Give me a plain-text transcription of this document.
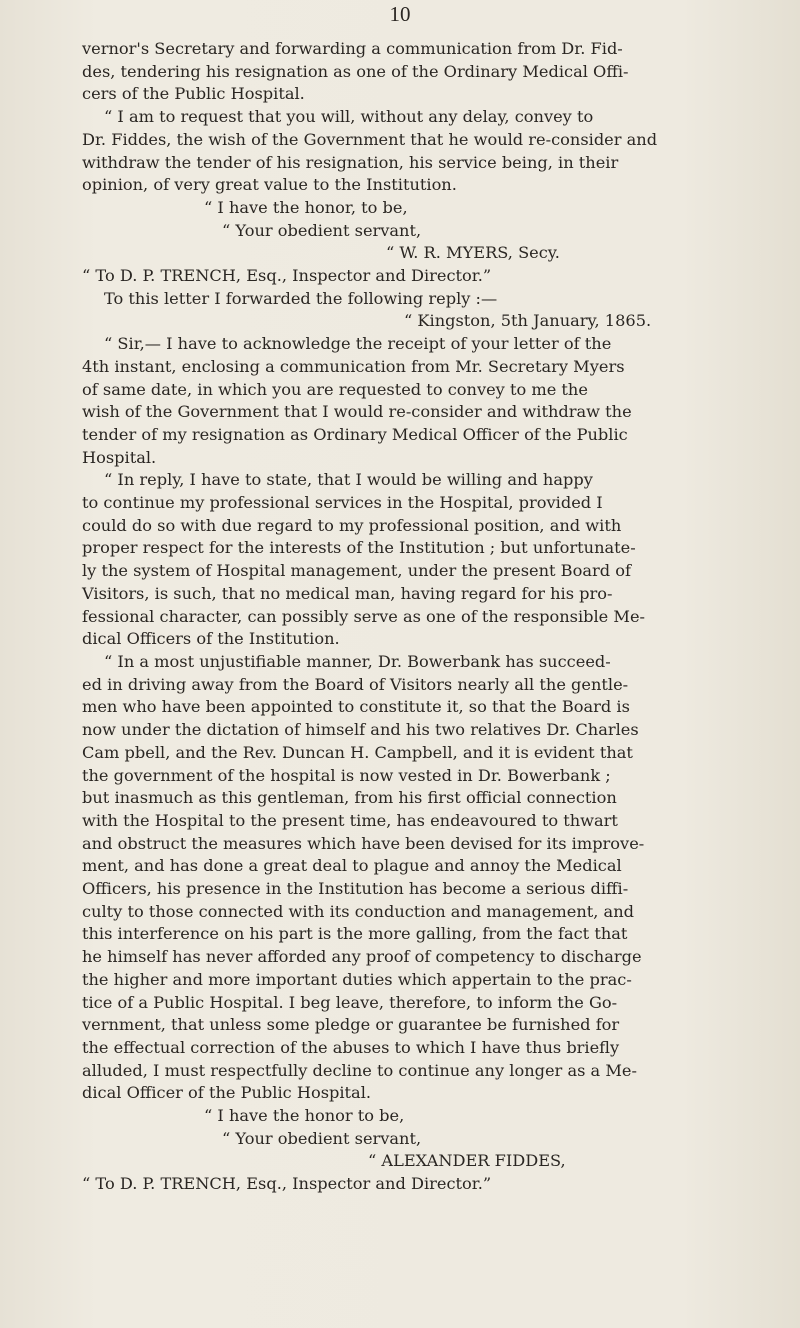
10
vernor's Secretary and forwarding a communication from Dr. Fid-
des, tendering his resignation as one of the Ordinary Medical Offi-
cers of the Public Hospital.
“ I am to request that you will, without any delay, convey to
Dr. Fiddes, the wish of the Government that he would re-consider and
withdraw the tender of his resignation, his service being, in their
opinion, of very great value to the Institution.
“ I have the honor, to be,
“ Your obedient servant,
“ W. R. MYERS, Secy.
“ To D. P. TRENCH, Esq., Inspector and Director.”
To this letter I forwarded the following reply :—
“ Kingston, 5th January, 1865.
“ Sir,— I have to acknowledge the receipt of your letter of the
4th instant, enclosing a communication from Mr. Secretary Myers
of same date, in which you are requested to convey to me the
wish of the Government that I would re-consider and withdraw the
tender of my resignation as Ordinary Medical Officer of the Public
Hospital.
“ In reply, I have to state, that I would be willing and happy
to continue my professional services in the Hospital, provided I
could do so with due regard to my professional position, and with
proper respect for the interests of the Institution ; but unfortunate-
ly the system of Hospital management, under the present Board of
Visitors, is such, that no medical man, having regard for his pro-
fessional character, can possibly serve as one of the responsible Me-
dical Officers of the Institution.
“ In a most unjustifiable manner, Dr. Bowerbank has succeed-
ed in driving away from the Board of Visitors nearly all the gentle-
men who have been appointed to constitute it, so that the Board is
now under the dictation of himself and his two relatives Dr. Charles
Cam pbell, and the Rev. Duncan H. Campbell, and it is evident that
the government of the hospital is now vested in Dr. Bowerbank ;
but inasmuch as this gentleman, from his first official connection
with the Hospital to the present time, has endeavoured to thwart
and obstruct the measures which have been devised for its improve-
ment, and has done a great deal to plague and annoy the Medical
Officers, his presence in the Institution has become a serious diffi-
culty to those connected with its conduction and management, and
this interference on his part is the more galling, from the fact that
he himself has never afforded any proof of competency to discharge
the higher and more important duties which appertain to the prac-
tice of a Public Hospital. I beg leave, therefore, to inform the Go-
vernment, that unless some pledge or guarantee be furnished for
the effectual correction of the abuses to which I have thus briefly
alluded, I must respectfully decline to continue any longer as a Me-
dical Officer of the Public Hospital.
“ I have the honor to be,
“ Your obedient servant,
“ ALEXANDER FIDDES,
“ To D. P. TRENCH, Esq., Inspector and Director.”
